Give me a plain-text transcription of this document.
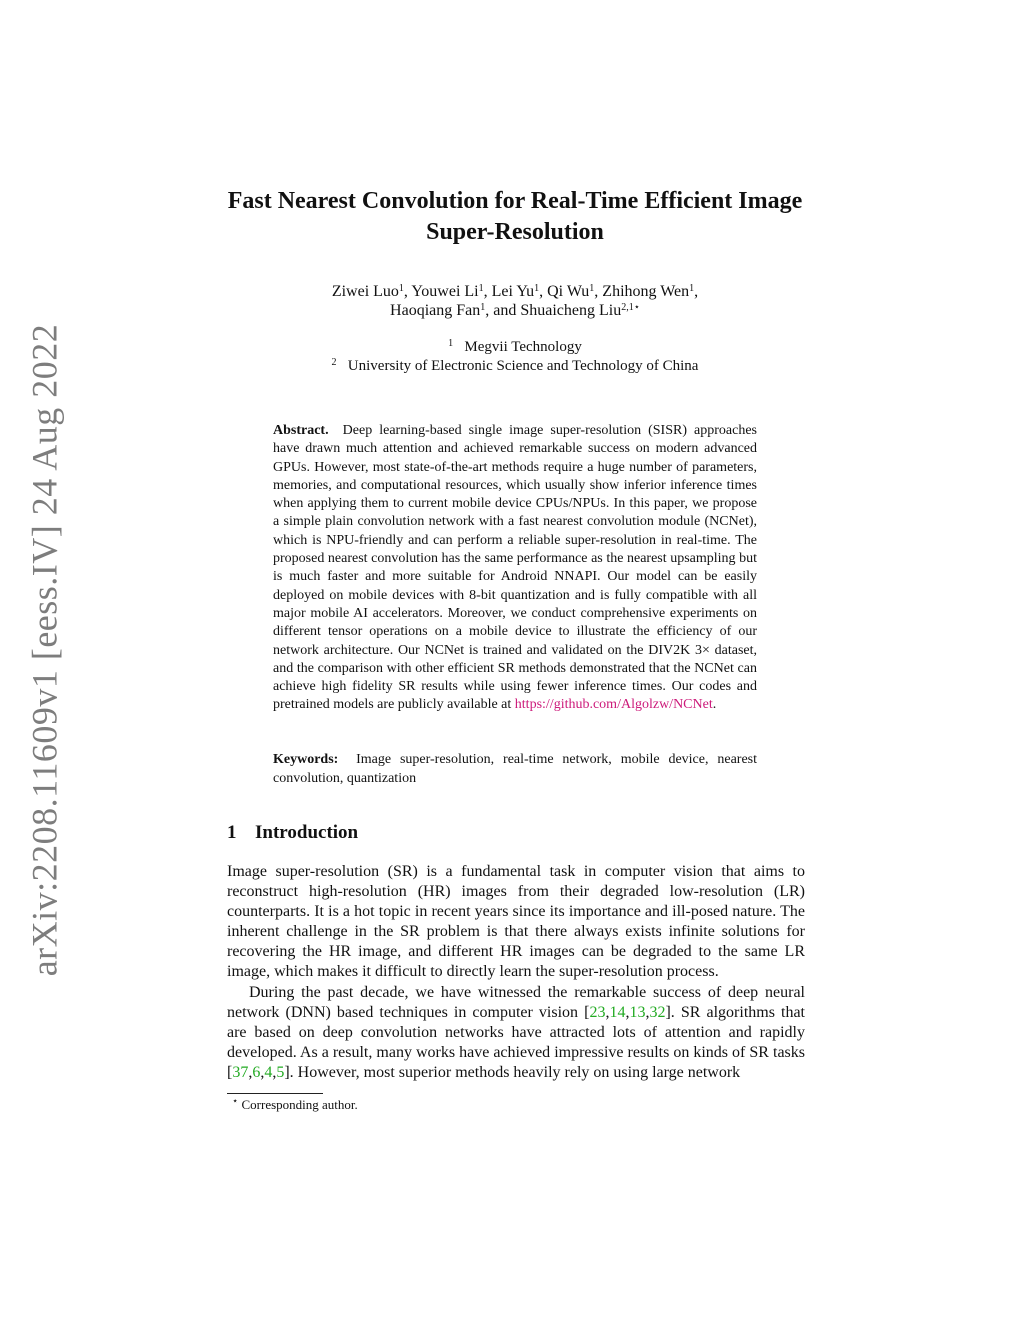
arXiv:2208.11609v1 [eess.IV] 24 Aug 2022
Fast Nearest Convolution for Real-Time Efficient Image
Super-Resolution
Ziwei Luo$^1$, Youwei Li$^1$, Lei Yu$^1$, Qi Wu$^1$, Zhihong Wen$^1$,
Haoqiang Fan$^1$, and Shuaicheng Liu$^{2,1⋆}$
$^1$ Megvii Technology
$^2$ University of Electronic Science and Technology of China
Abstract. Deep learning-based single image super-resolution (SISR) approaches have drawn much attention and achieved remarkable success on modern advanced GPUs. However, most state-of-the-art methods require a huge number of parameters, memories, and computational resources, which usually show inferior inference times when applying them to current mobile device CPUs/NPUs. In this paper, we propose a simple plain convolution network with a fast nearest convolution module (NCNet), which is NPU-friendly and can perform a reliable super-resolution in real-time. The proposed nearest convolution has the same performance as the nearest upsampling but is much faster and more suitable for Android NNAPI. Our model can be easily deployed on mobile devices with 8-bit quantization and is fully compatible with all major mobile AI accelerators. Moreover, we conduct comprehensive experiments on different tensor operations on a mobile device to illustrate the efficiency of our network architecture. Our NCNet is trained and validated on the DIV2K 3× dataset, and the comparison with other efficient SR methods demonstrated that the NCNet can achieve high fidelity SR results while using fewer inference times. Our codes and pretrained models are publicly available at https://github.com/Algolzw/NCNet.
Keywords: Image super-resolution, real-time network, mobile device, nearest convolution, quantization
1 Introduction

Image super-resolution (SR) is a fundamental task in computer vision that aims to reconstruct high-resolution (HR) images from their degraded low-resolution (LR) counterparts. It is a hot topic in recent years since its importance and ill-posed nature. The inherent challenge in the SR problem is that there always exists infinite solutions for recovering the HR image, and different HR images can be degraded to the same LR image, which makes it difficult to directly learn the super-resolution process.

During the past decade, we have witnessed the remarkable success of deep neural network (DNN) based techniques in computer vision [23,14,13,32]. SR algorithms that are based on deep convolution networks have attracted lots of attention and rapidly developed. As a result, many works have achieved impressive results on kinds of SR tasks [37,6,4,5]. However, most superior methods heavily rely on using large network

⋆ Corresponding author.
